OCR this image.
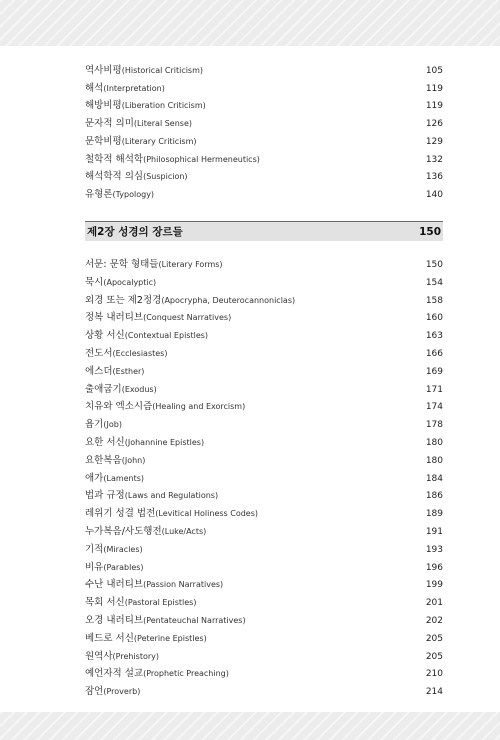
역사비평(Historical Criticism)	105
해석(Interpretation)	119
해방비평(Liberation Criticism)	119
문자적 의미(Literal Sense)	126
문학비평(Literary Criticism)	129
철학적 해석학(Philosophical Hermeneutics)	132
해석학적 의심(Suspicion)	136
유형론(Typology)	140
제2장 성경의 장르들	150
서문: 문학 형태들(Literary Forms)	150
묵시(Apocalyptic)	154
외경 또는 제2정경(Apocrypha, Deuterocannoniclas)	158
정복 내러티브(Conquest Narratives)	160
상황 서신(Contextual Epistles)	163
전도서(Ecclesiastes)	166
에스더(Esther)	169
출애굽기(Exodus)	171
치유와 엑소시즘(Healing and Exorcism)	174
욥기(Job)	178
요한 서신(Johannine Epistles)	180
요한복음(John)	180
애가(Laments)	184
법과 규정(Laws and Regulations)	186
레위기 성결 법전(Levitical Holiness Codes)	189
누가복음/사도행전(Luke/Acts)	191
기적(Miracles)	193
비유(Parables)	196
수난 내러티브(Passion Narratives)	199
목회 서신(Pastoral Epistles)	201
오경 내러티브(Pentateuchal Narratives)	202
베드로 서신(Peterine Epistles)	205
원역사(Prehistory)	205
예언자적 설교(Prophetic Preaching)	210
잠언(Proverb)	214
